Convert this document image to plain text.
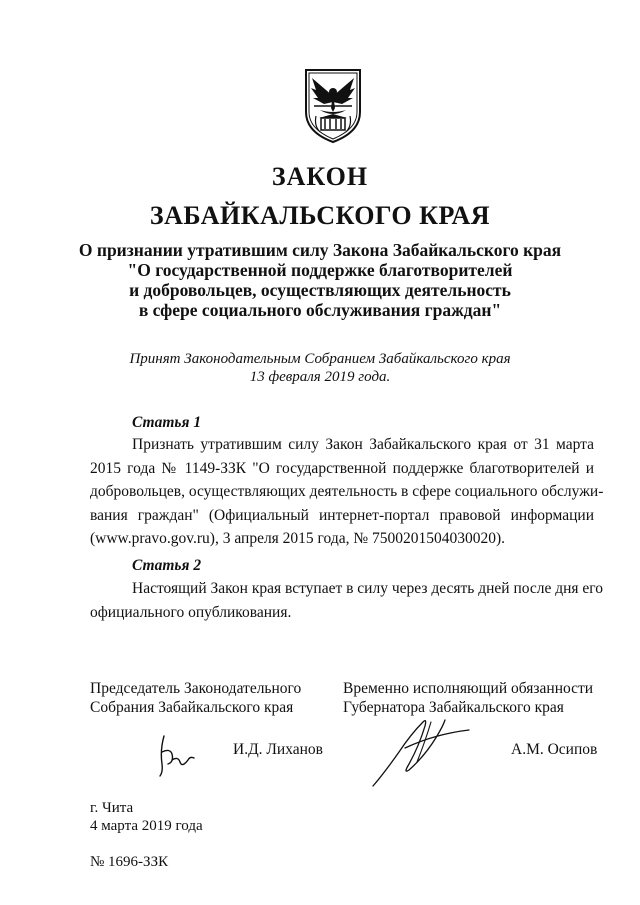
ЗАКОН
ЗАБАЙКАЛЬСКОГО КРАЯ
О признании утратившим силу Закона Забайкальского края
"О государственной поддержке благотворителей
и добровольцев, осуществляющих деятельность
в сфере социального обслуживания граждан"
Принят Законодательным Собранием Забайкальского края
13 февраля 2019 года.
Статья 1
Признать утратившим силу Закон Забайкальского края от 31 марта
2015 года № 1149-ЗЗК "О государственной поддержке благотворителей и
добровольцев, осуществляющих деятельность в сфере социального обслужи-
вания граждан" (Официальный интернет-портал правовой информации
(www.pravo.gov.ru), 3 апреля 2015 года, № 7500201504030020).
Статья 2
Настоящий Закон края вступает в силу через десять дней после дня его
официального опубликования.
Председатель Законодательного
Собрания Забайкальского края
И.Д. Лиханов
Временно исполняющий обязанности
Губернатора Забайкальского края
А.М. Осипов
г. Чита
4 марта 2019 года
№ 1696-ЗЗК
